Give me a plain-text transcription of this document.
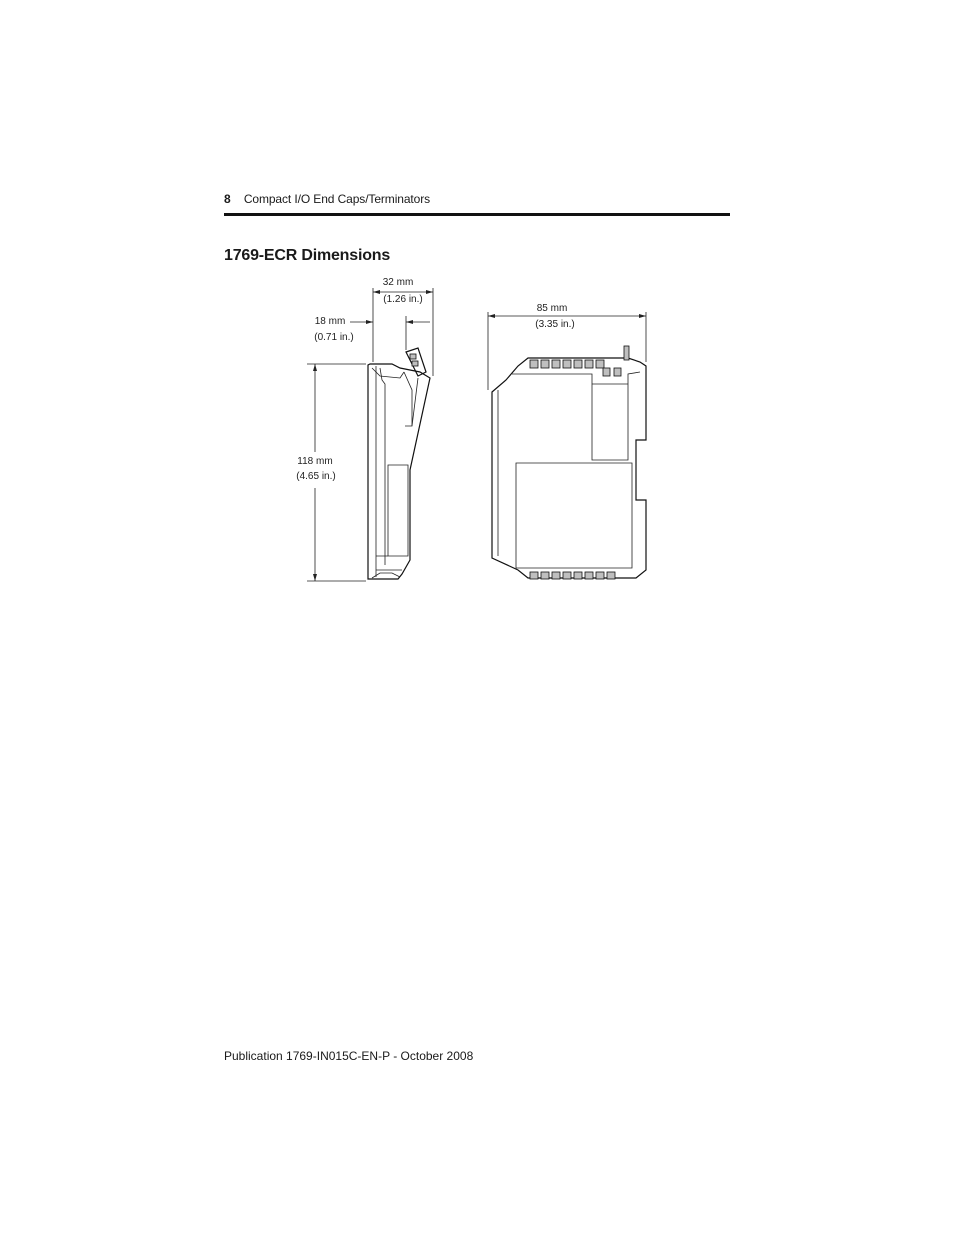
8 Compact I/O End Caps/Terminators
1769-ECR Dimensions
32 mm
(1.26 in.)
18 mm
(0.71 in.)
118 mm
(4.65 in.)
85 mm
(3.35 in.)
Publication 1769-IN015C-EN-P - October 2008
